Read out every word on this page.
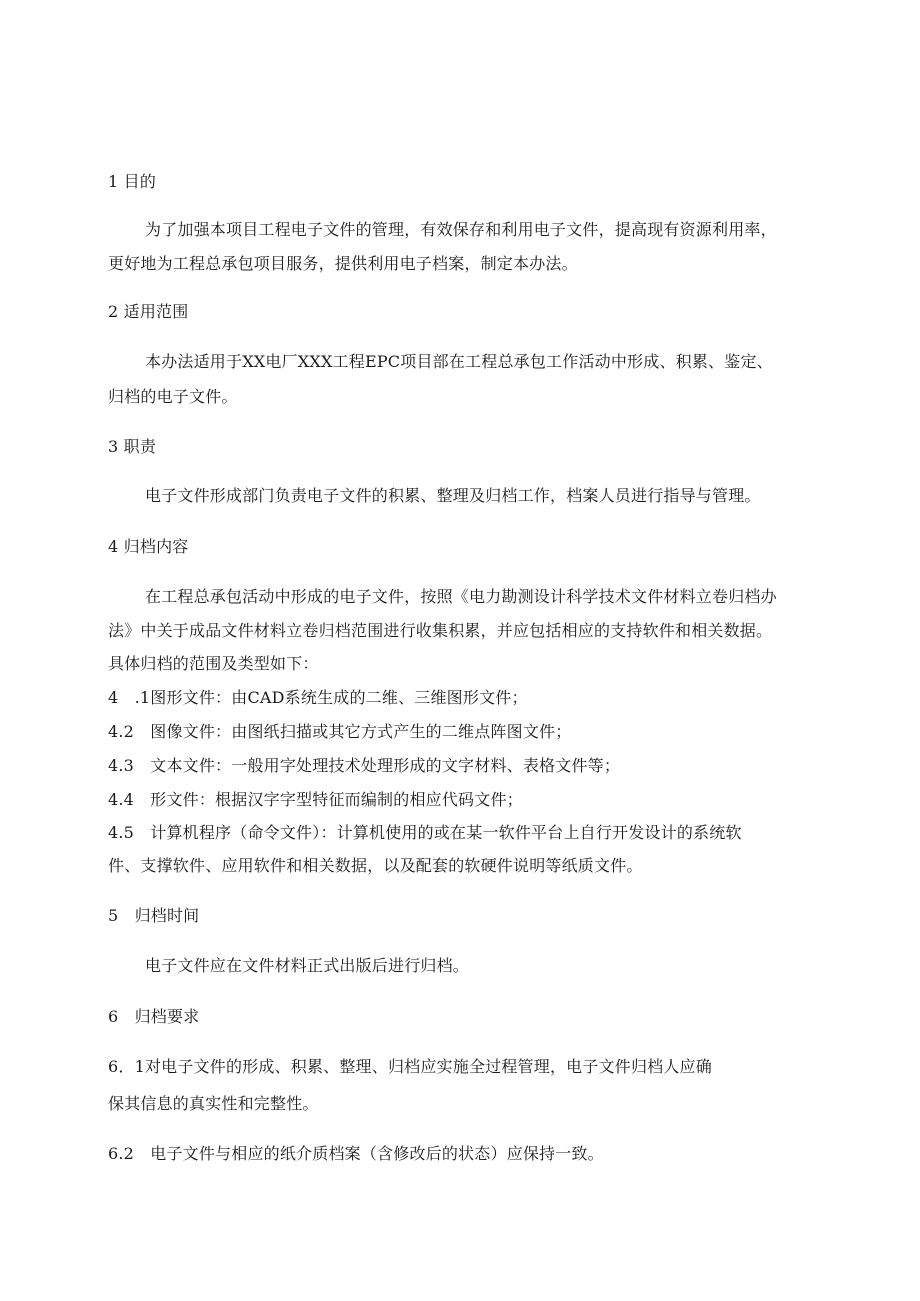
1 目的
为了加强本项目工程电子文件的管理，有效保存和利用电子文件，提高现有资源利用率，
更好地为工程总承包项目服务，提供利用电子档案，制定本办法。
2 适用范围
本办法适用于XX电厂XXX工程EPC项目部在工程总承包工作活动中形成、积累、鉴定、
归档的电子文件。
3 职责
电子文件形成部门负责电子文件的积累、整理及归档工作，档案人员进行指导与管理。
4 归档内容
在工程总承包活动中形成的电子文件，按照《电力勘测设计科学技术文件材料立卷归档办
法》中关于成品文件材料立卷归档范围进行收集积累，并应包括相应的支持软件和相关数据。
具体归档的范围及类型如下：
4　.1图形文件：由CAD系统生成的二维、三维图形文件；
4.2　图像文件：由图纸扫描或其它方式产生的二维点阵图文件；
4.3　文本文件：一般用字处理技术处理形成的文字材料、表格文件等；
4.4　形文件：根据汉字字型特征而编制的相应代码文件；
4.5　计算机程序（命令文件）：计算机使用的或在某一软件平台上自行开发设计的系统软
件、支撑软件、应用软件和相关数据，以及配套的软硬件说明等纸质文件。
5　归档时间
电子文件应在文件材料正式出版后进行归档。
6　归档要求
6．1对电子文件的形成、积累、整理、归档应实施全过程管理，电子文件归档人应确
保其信息的真实性和完整性。
6.2　电子文件与相应的纸介质档案（含修改后的状态）应保持一致。
